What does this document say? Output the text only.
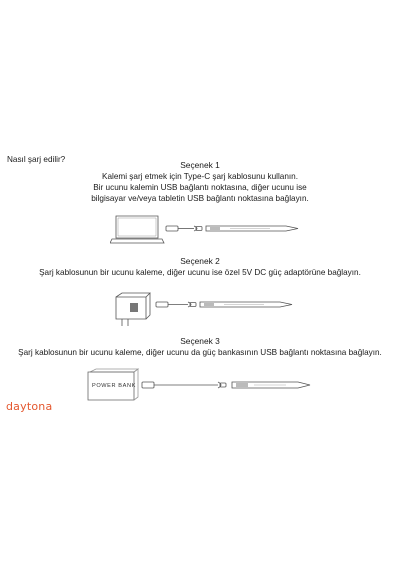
Nasıl şarj edilir?
Seçenek 1
Kalemi şarj etmek için Type-C şarj kablosunu kullanın.
Bir ucunu kalemin USB bağlantı noktasına, diğer ucunu ise
bilgisayar ve/veya tabletin USB bağlantı noktasına bağlayın.
Seçenek 2
Şarj kablosunun bir ucunu kaleme, diğer ucunu ise özel 5V DC güç adaptörüne bağlayın.
Seçenek 3
Şarj kablosunun bir ucunu kaleme, diğer ucunu da güç bankasının USB bağlantı noktasına bağlayın.
POWER BANK
daytona
